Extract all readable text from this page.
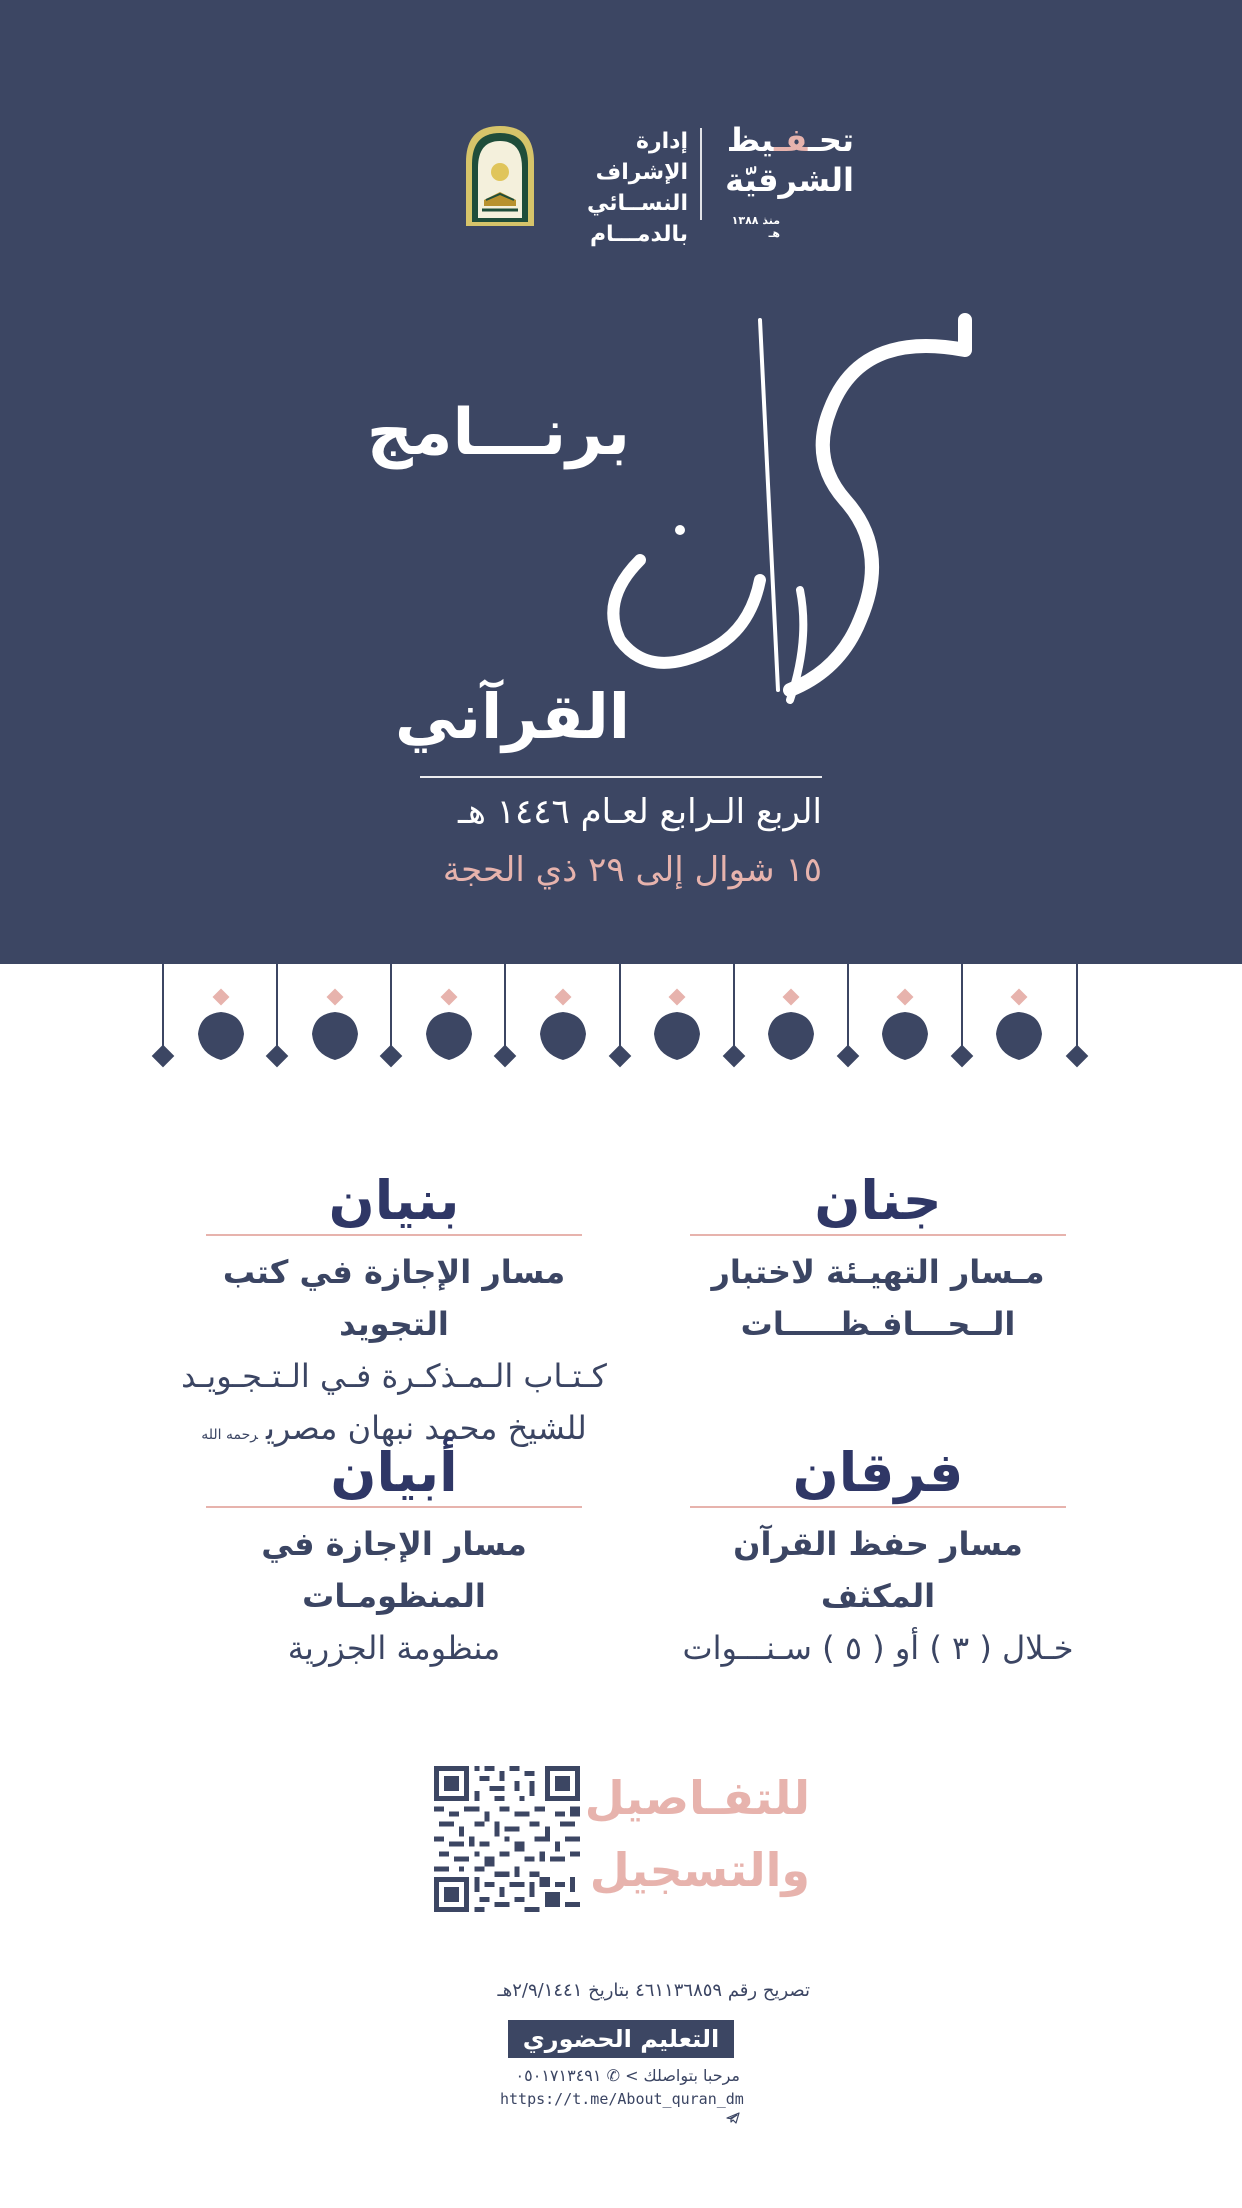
إدارة الإشراف
النســائي
بالدمـــام
تحـفـيظ
الشرقيّة
منذ ١٣٨٨ هـ
برنـــامج
القرآني
الربع الـرابع لعـام ١٤٤٦ هـ
١٥ شوال إلى ٢٩ ذي الحجة
جنان
مـسار التهيـئة لاختبار
الــحـــافـظـــــات
بنيان
مسار الإجازة في كتب التجويد
كـتـاب الـمـذكـرة فـي الـتـجـويـد
للشيخ محمد نبهان مصريرحمه الله
فرقان
مسار حفظ القرآن المكثف
خـلال ( ٣ ) أو ( ٥ ) سـنـــوات
أبيان
مسار الإجازة في المنظومـات
منظومة الجزرية
للتفـاصيل
والتسجيل
تصريح رقم ٤٦١١٣٦٨٥٩ بتاريخ ٢/٩/١٤٤١هـ
التعليم الحضوري
مرحبا بتواصلك > ✆ ٠٥٠١٧١٣٤٩١
https://t.me/About_quran_dm
